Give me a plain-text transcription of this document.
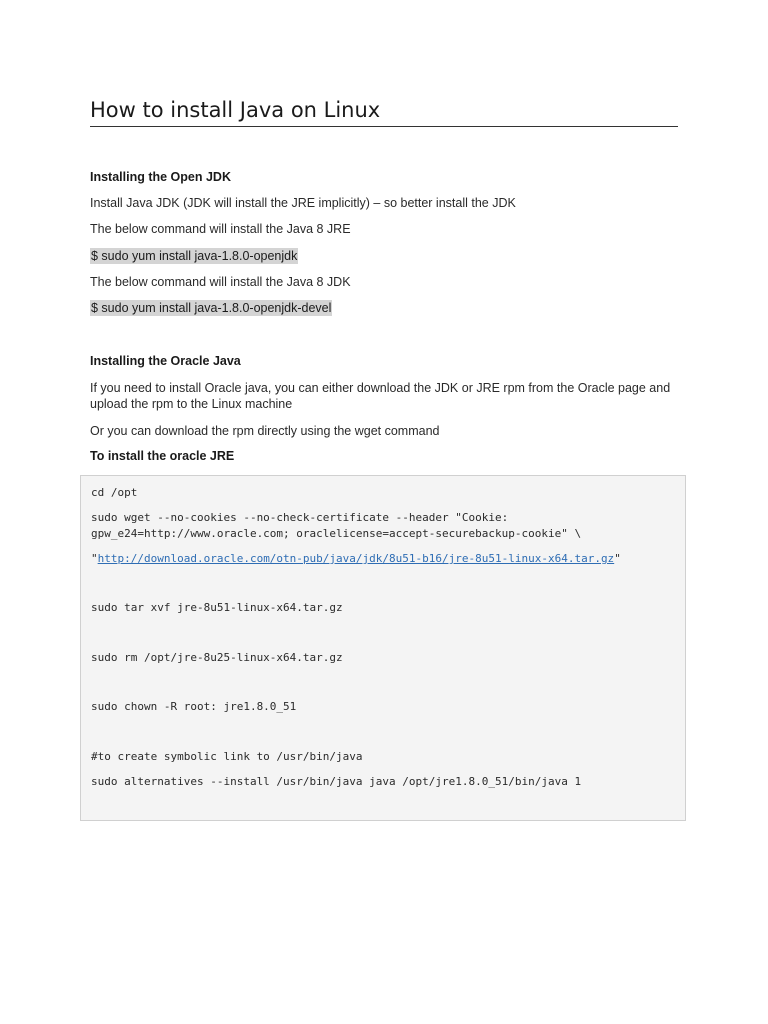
How to install Java on Linux

Installing the Open JDK

Install Java JDK (JDK will install the JRE implicitly) – so better install the JDK

The below command will install the Java 8 JRE

$ sudo yum install java-1.8.0-openjdk

The below command will install the Java 8 JDK

$ sudo yum install java-1.8.0-openjdk-devel

Installing the Oracle Java

If you need to install Oracle java, you can either download the JDK or JRE rpm from the Oracle page and upload the rpm to the Linux machine

Or you can download the rpm directly using the wget command

To install the oracle JRE

cd /opt

sudo wget --no-cookies --no-check-certificate --header "Cookie:

gpw_e24=http://www.oracle.com; oraclelicense=accept-securebackup-cookie" \

"http://download.oracle.com/otn-pub/java/jdk/8u51-b16/jre-8u51-linux-x64.tar.gz"

sudo tar xvf jre-8u51-linux-x64.tar.gz

sudo rm /opt/jre-8u25-linux-x64.tar.gz

sudo chown -R root: jre1.8.0_51

#to create symbolic link to /usr/bin/java

sudo alternatives --install /usr/bin/java java /opt/jre1.8.0_51/bin/java 1
